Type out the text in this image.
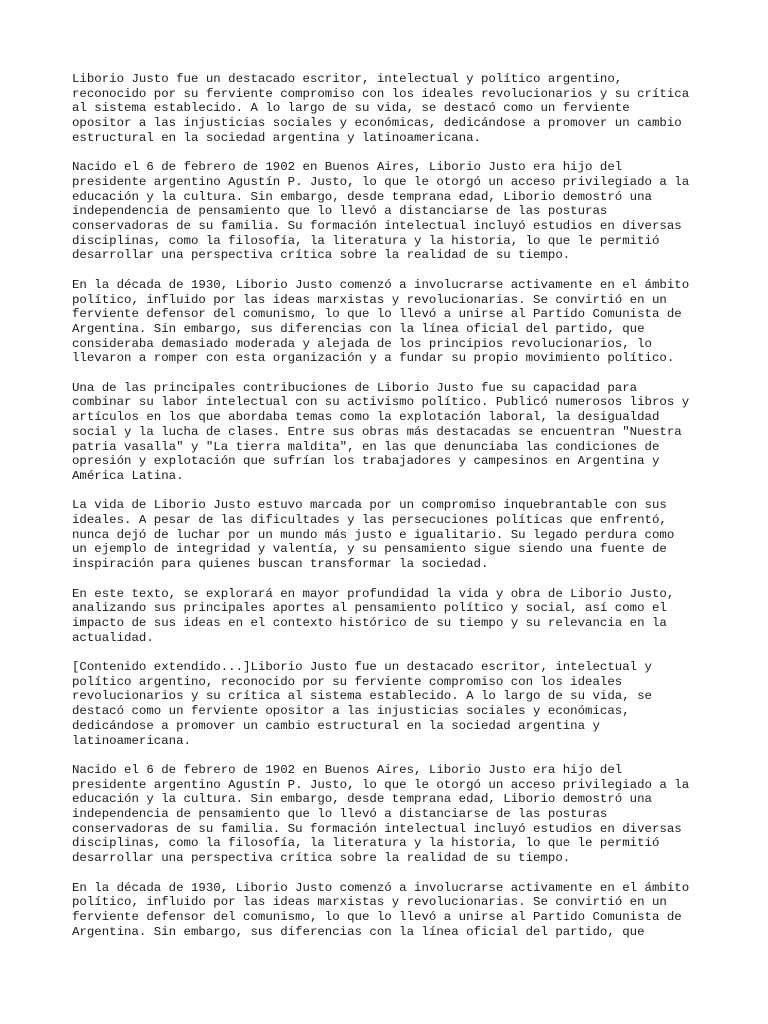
Liborio Justo fue un destacado escritor, intelectual y político argentino,
reconocido por su ferviente compromiso con los ideales revolucionarios y su crítica
al sistema establecido. A lo largo de su vida, se destacó como un ferviente
opositor a las injusticias sociales y económicas, dedicándose a promover un cambio
estructural en la sociedad argentina y latinoamericana.

Nacido el 6 de febrero de 1902 en Buenos Aires, Liborio Justo era hijo del
presidente argentino Agustín P. Justo, lo que le otorgó un acceso privilegiado a la
educación y la cultura. Sin embargo, desde temprana edad, Liborio demostró una
independencia de pensamiento que lo llevó a distanciarse de las posturas
conservadoras de su familia. Su formación intelectual incluyó estudios en diversas
disciplinas, como la filosofía, la literatura y la historia, lo que le permitió
desarrollar una perspectiva crítica sobre la realidad de su tiempo.

En la década de 1930, Liborio Justo comenzó a involucrarse activamente en el ámbito
político, influido por las ideas marxistas y revolucionarias. Se convirtió en un
ferviente defensor del comunismo, lo que lo llevó a unirse al Partido Comunista de
Argentina. Sin embargo, sus diferencias con la línea oficial del partido, que
consideraba demasiado moderada y alejada de los principios revolucionarios, lo
llevaron a romper con esta organización y a fundar su propio movimiento político.

Una de las principales contribuciones de Liborio Justo fue su capacidad para
combinar su labor intelectual con su activismo político. Publicó numerosos libros y
artículos en los que abordaba temas como la explotación laboral, la desigualdad
social y la lucha de clases. Entre sus obras más destacadas se encuentran "Nuestra
patria vasalla" y "La tierra maldita", en las que denunciaba las condiciones de
opresión y explotación que sufrían los trabajadores y campesinos en Argentina y
América Latina.

La vida de Liborio Justo estuvo marcada por un compromiso inquebrantable con sus
ideales. A pesar de las dificultades y las persecuciones políticas que enfrentó,
nunca dejó de luchar por un mundo más justo e igualitario. Su legado perdura como
un ejemplo de integridad y valentía, y su pensamiento sigue siendo una fuente de
inspiración para quienes buscan transformar la sociedad.

En este texto, se explorará en mayor profundidad la vida y obra de Liborio Justo,
analizando sus principales aportes al pensamiento político y social, así como el
impacto de sus ideas en el contexto histórico de su tiempo y su relevancia en la
actualidad.

[Contenido extendido...]Liborio Justo fue un destacado escritor, intelectual y
político argentino, reconocido por su ferviente compromiso con los ideales
revolucionarios y su crítica al sistema establecido. A lo largo de su vida, se
destacó como un ferviente opositor a las injusticias sociales y económicas,
dedicándose a promover un cambio estructural en la sociedad argentina y
latinoamericana.

Nacido el 6 de febrero de 1902 en Buenos Aires, Liborio Justo era hijo del
presidente argentino Agustín P. Justo, lo que le otorgó un acceso privilegiado a la
educación y la cultura. Sin embargo, desde temprana edad, Liborio demostró una
independencia de pensamiento que lo llevó a distanciarse de las posturas
conservadoras de su familia. Su formación intelectual incluyó estudios en diversas
disciplinas, como la filosofía, la literatura y la historia, lo que le permitió
desarrollar una perspectiva crítica sobre la realidad de su tiempo.

En la década de 1930, Liborio Justo comenzó a involucrarse activamente en el ámbito
político, influido por las ideas marxistas y revolucionarias. Se convirtió en un
ferviente defensor del comunismo, lo que lo llevó a unirse al Partido Comunista de
Argentina. Sin embargo, sus diferencias con la línea oficial del partido, que
